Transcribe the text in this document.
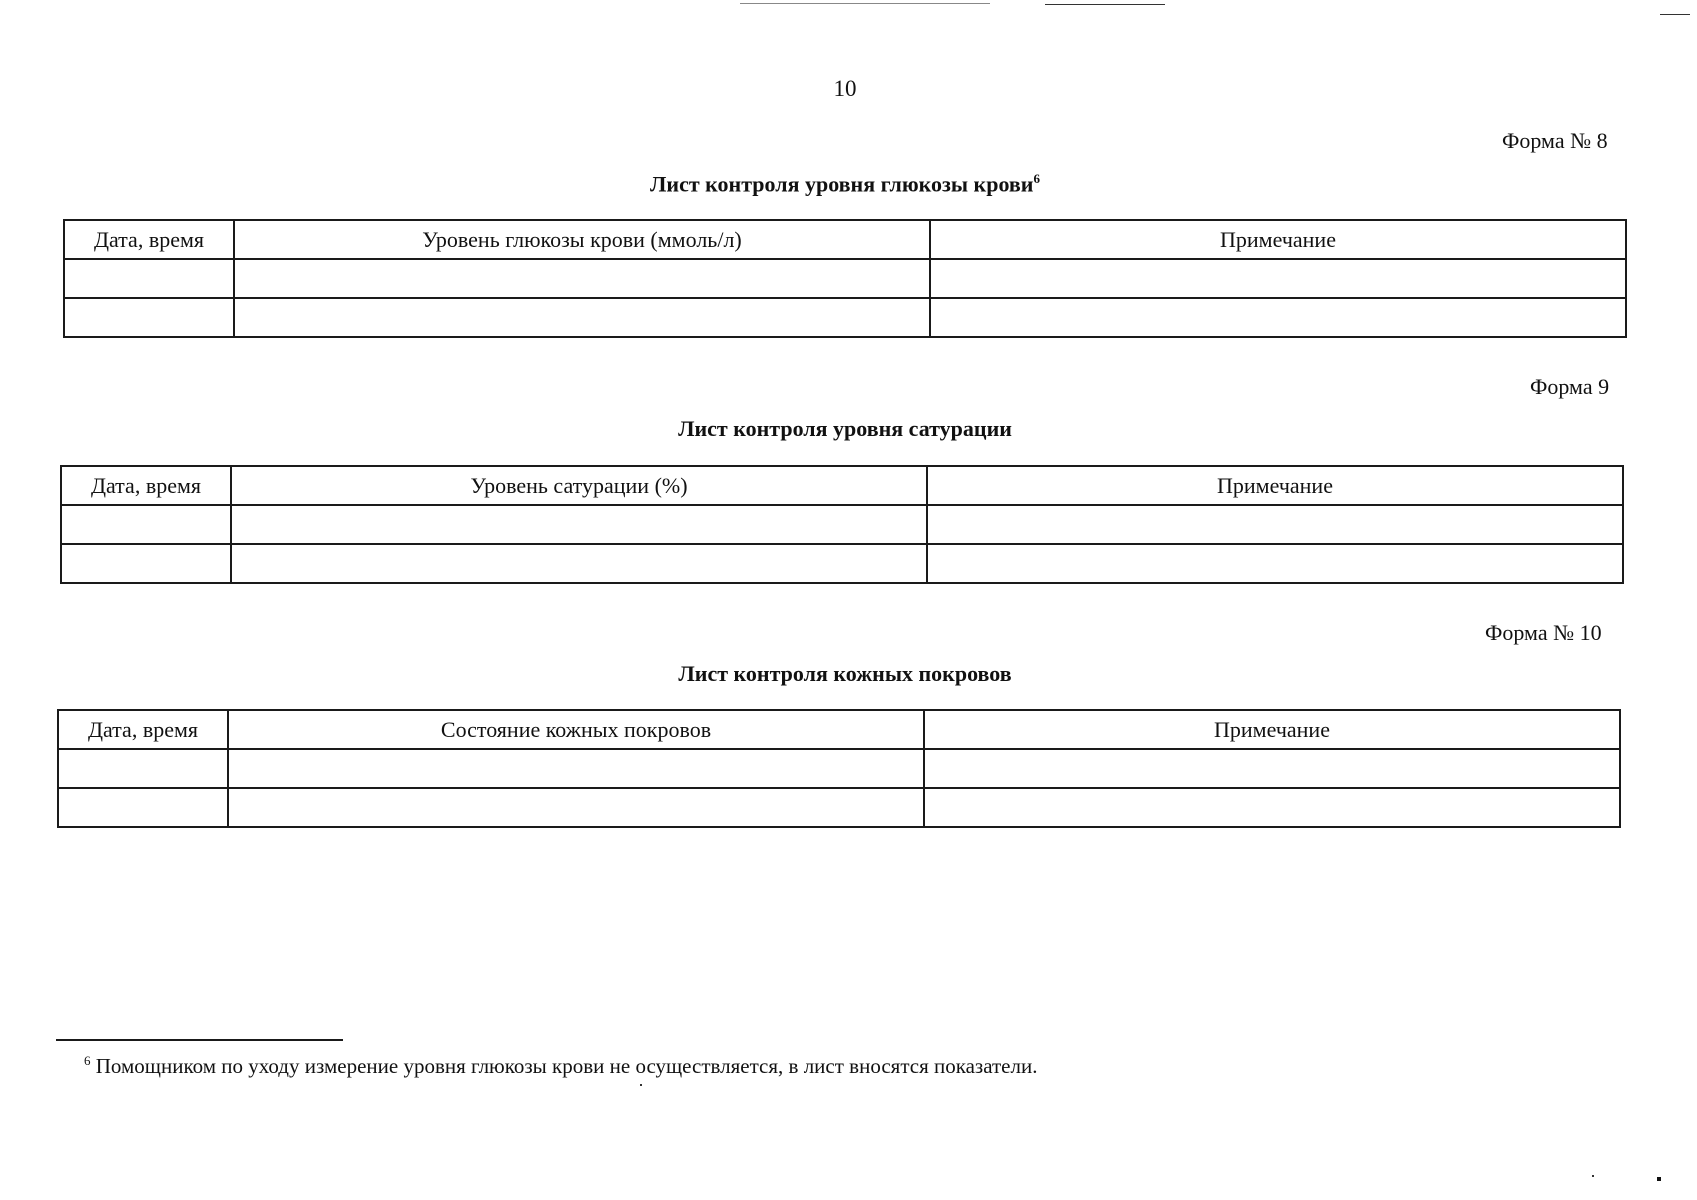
10
Форма № 8
Лист контроля уровня глюкозы крови$^6$
Дата, время	Уровень глюкозы крови (ммоль/л)	Примечание

Форма 9
Лист контроля уровня сатурации
Дата, время	Уровень сатурации (%)	Примечание

Форма № 10
Лист контроля кожных покровов
Дата, время	Состояние кожных покровов	Примечание

$^6$ Помощником по уходу измерение уровня глюкозы крови не осуществляется, в лист вносятся показатели.
